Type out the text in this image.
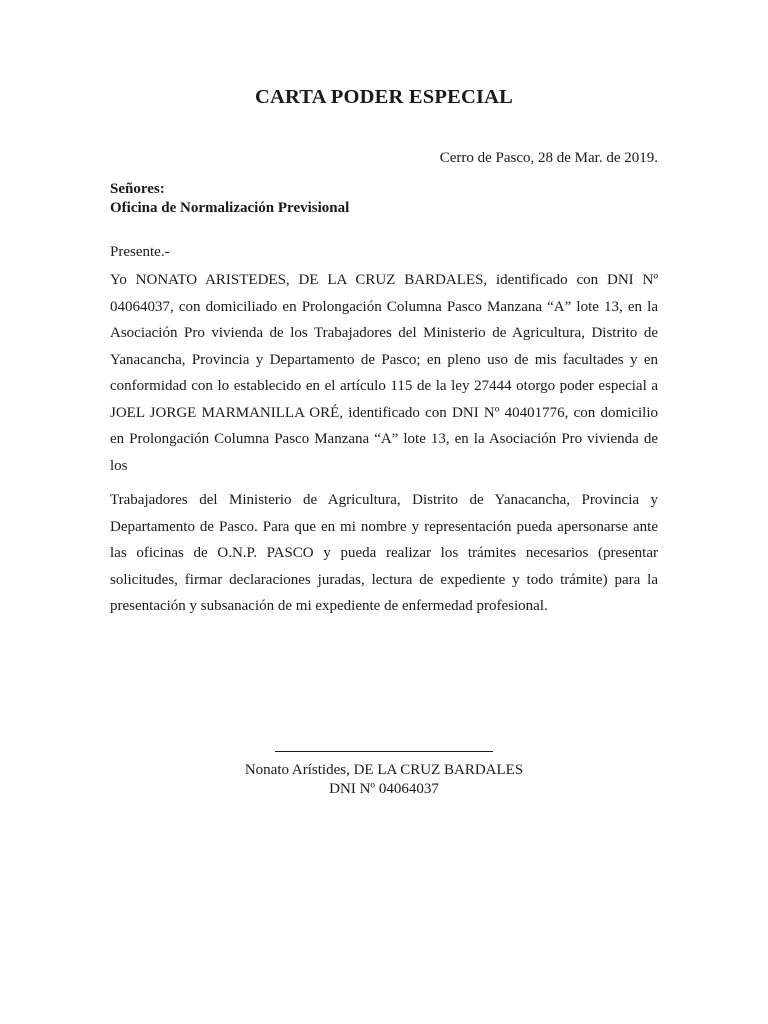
CARTA PODER ESPECIAL
Cerro de Pasco, 28 de Mar. de 2019.
Señores:
Oficina de Normalización Previsional
Presente.-
Yo NONATO ARISTEDES, DE LA CRUZ BARDALES, identificado con DNI Nº 04064037, con domiciliado en Prolongación Columna Pasco Manzana “A” lote 13, en la Asociación Pro vivienda de los Trabajadores del Ministerio de Agricultura, Distrito de Yanacancha, Provincia y Departamento de Pasco; en pleno uso de mis facultades y en conformidad con lo establecido en el artículo 115 de la ley 27444 otorgo poder especial a JOEL JORGE MARMANILLA ORÉ, identificado con DNI Nº 40401776, con domicilio en Prolongación Columna Pasco Manzana “A” lote 13, en la Asociación Pro vivienda de los
Trabajadores del Ministerio de Agricultura, Distrito de Yanacancha, Provincia y Departamento de Pasco. Para que en mi nombre y representación pueda apersonarse ante las oficinas de O.N.P. PASCO y pueda realizar los trámites necesarios (presentar solicitudes, firmar declaraciones juradas, lectura de expediente y todo trámite) para la presentación y subsanación de mi expediente de enfermedad profesional.
Nonato Arístides, DE LA CRUZ BARDALES
DNI Nº 04064037
